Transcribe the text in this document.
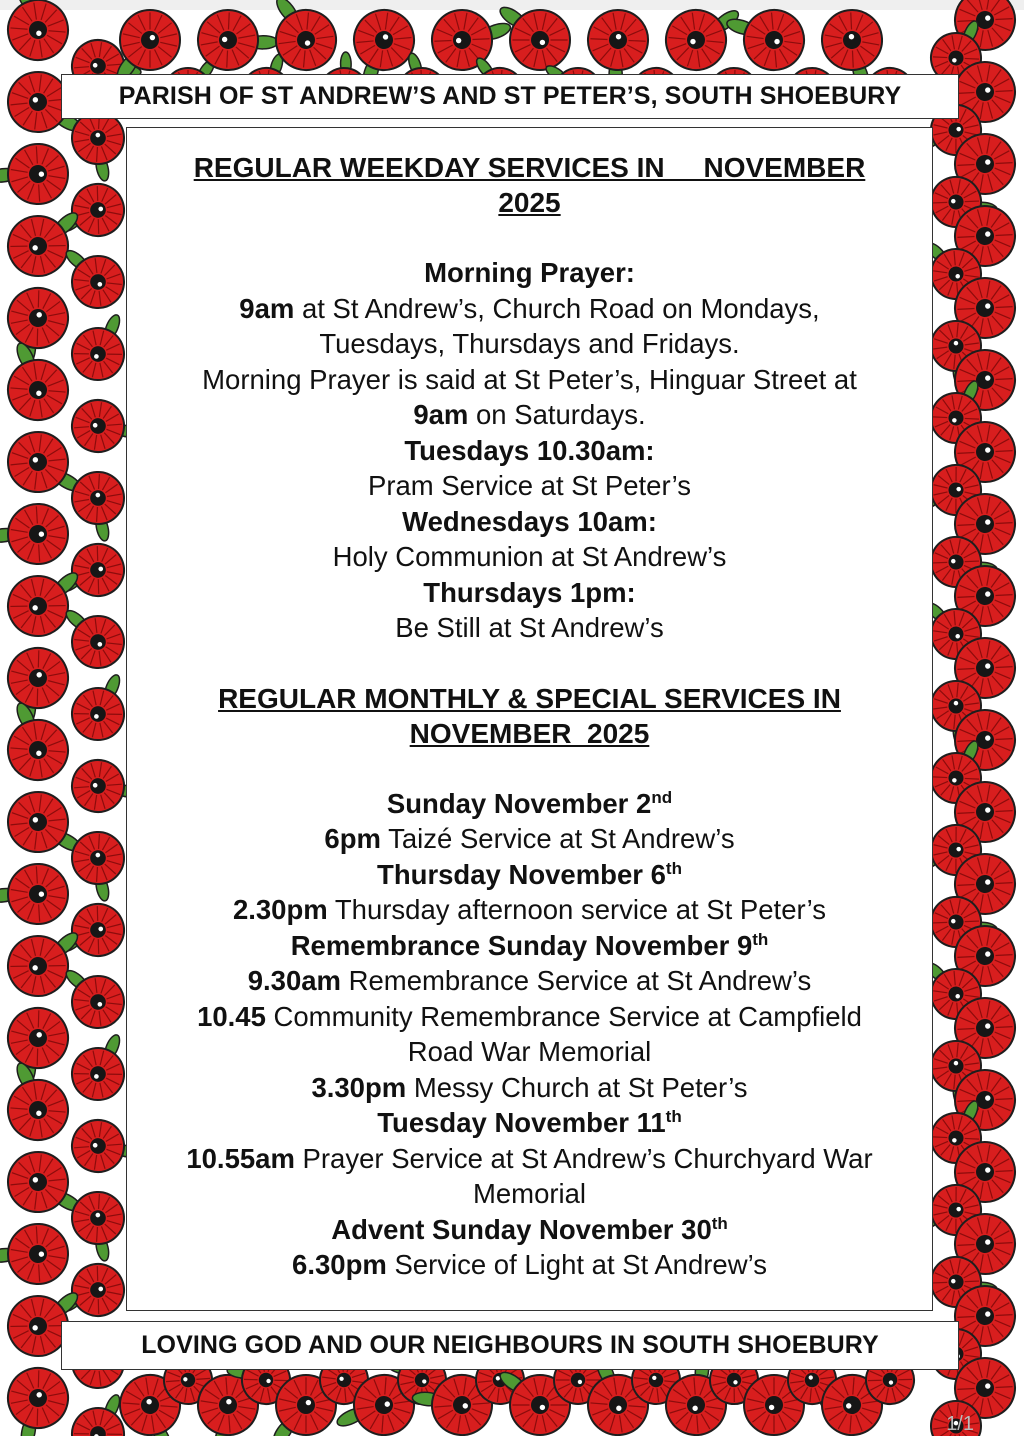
PARISH OF ST ANDREW’S AND ST PETER’S, SOUTH SHOEBURY
REGULAR WEEKDAY SERVICES IN     NOVEMBER
2025
Morning Prayer:
9am at St Andrew’s, Church Road on Mondays,
Tuesdays, Thursdays and Fridays.
Morning Prayer is said at St Peter’s, Hinguar Street at
9am on Saturdays.
Tuesdays 10.30am:
Pram Service at St Peter’s
Wednesdays 10am:
Holy Communion at St Andrew’s
Thursdays 1pm:
Be Still at St Andrew’s
REGULAR MONTHLY & SPECIAL SERVICES IN
NOVEMBER  2025
Sunday November 2nd
6pm Taizé Service at St Andrew’s
Thursday November 6th
2.30pm Thursday afternoon service at St Peter’s
Remembrance Sunday November 9th
9.30am Remembrance Service at St Andrew’s
10.45 Community Remembrance Service at Campfield
Road War Memorial
3.30pm Messy Church at St Peter’s
Tuesday November 11th
10.55am Prayer Service at St Andrew’s Churchyard War
Memorial
Advent Sunday November 30th
6.30pm Service of Light at St Andrew’s
LOVING GOD AND OUR NEIGHBOURS IN SOUTH SHOEBURY
1/1
